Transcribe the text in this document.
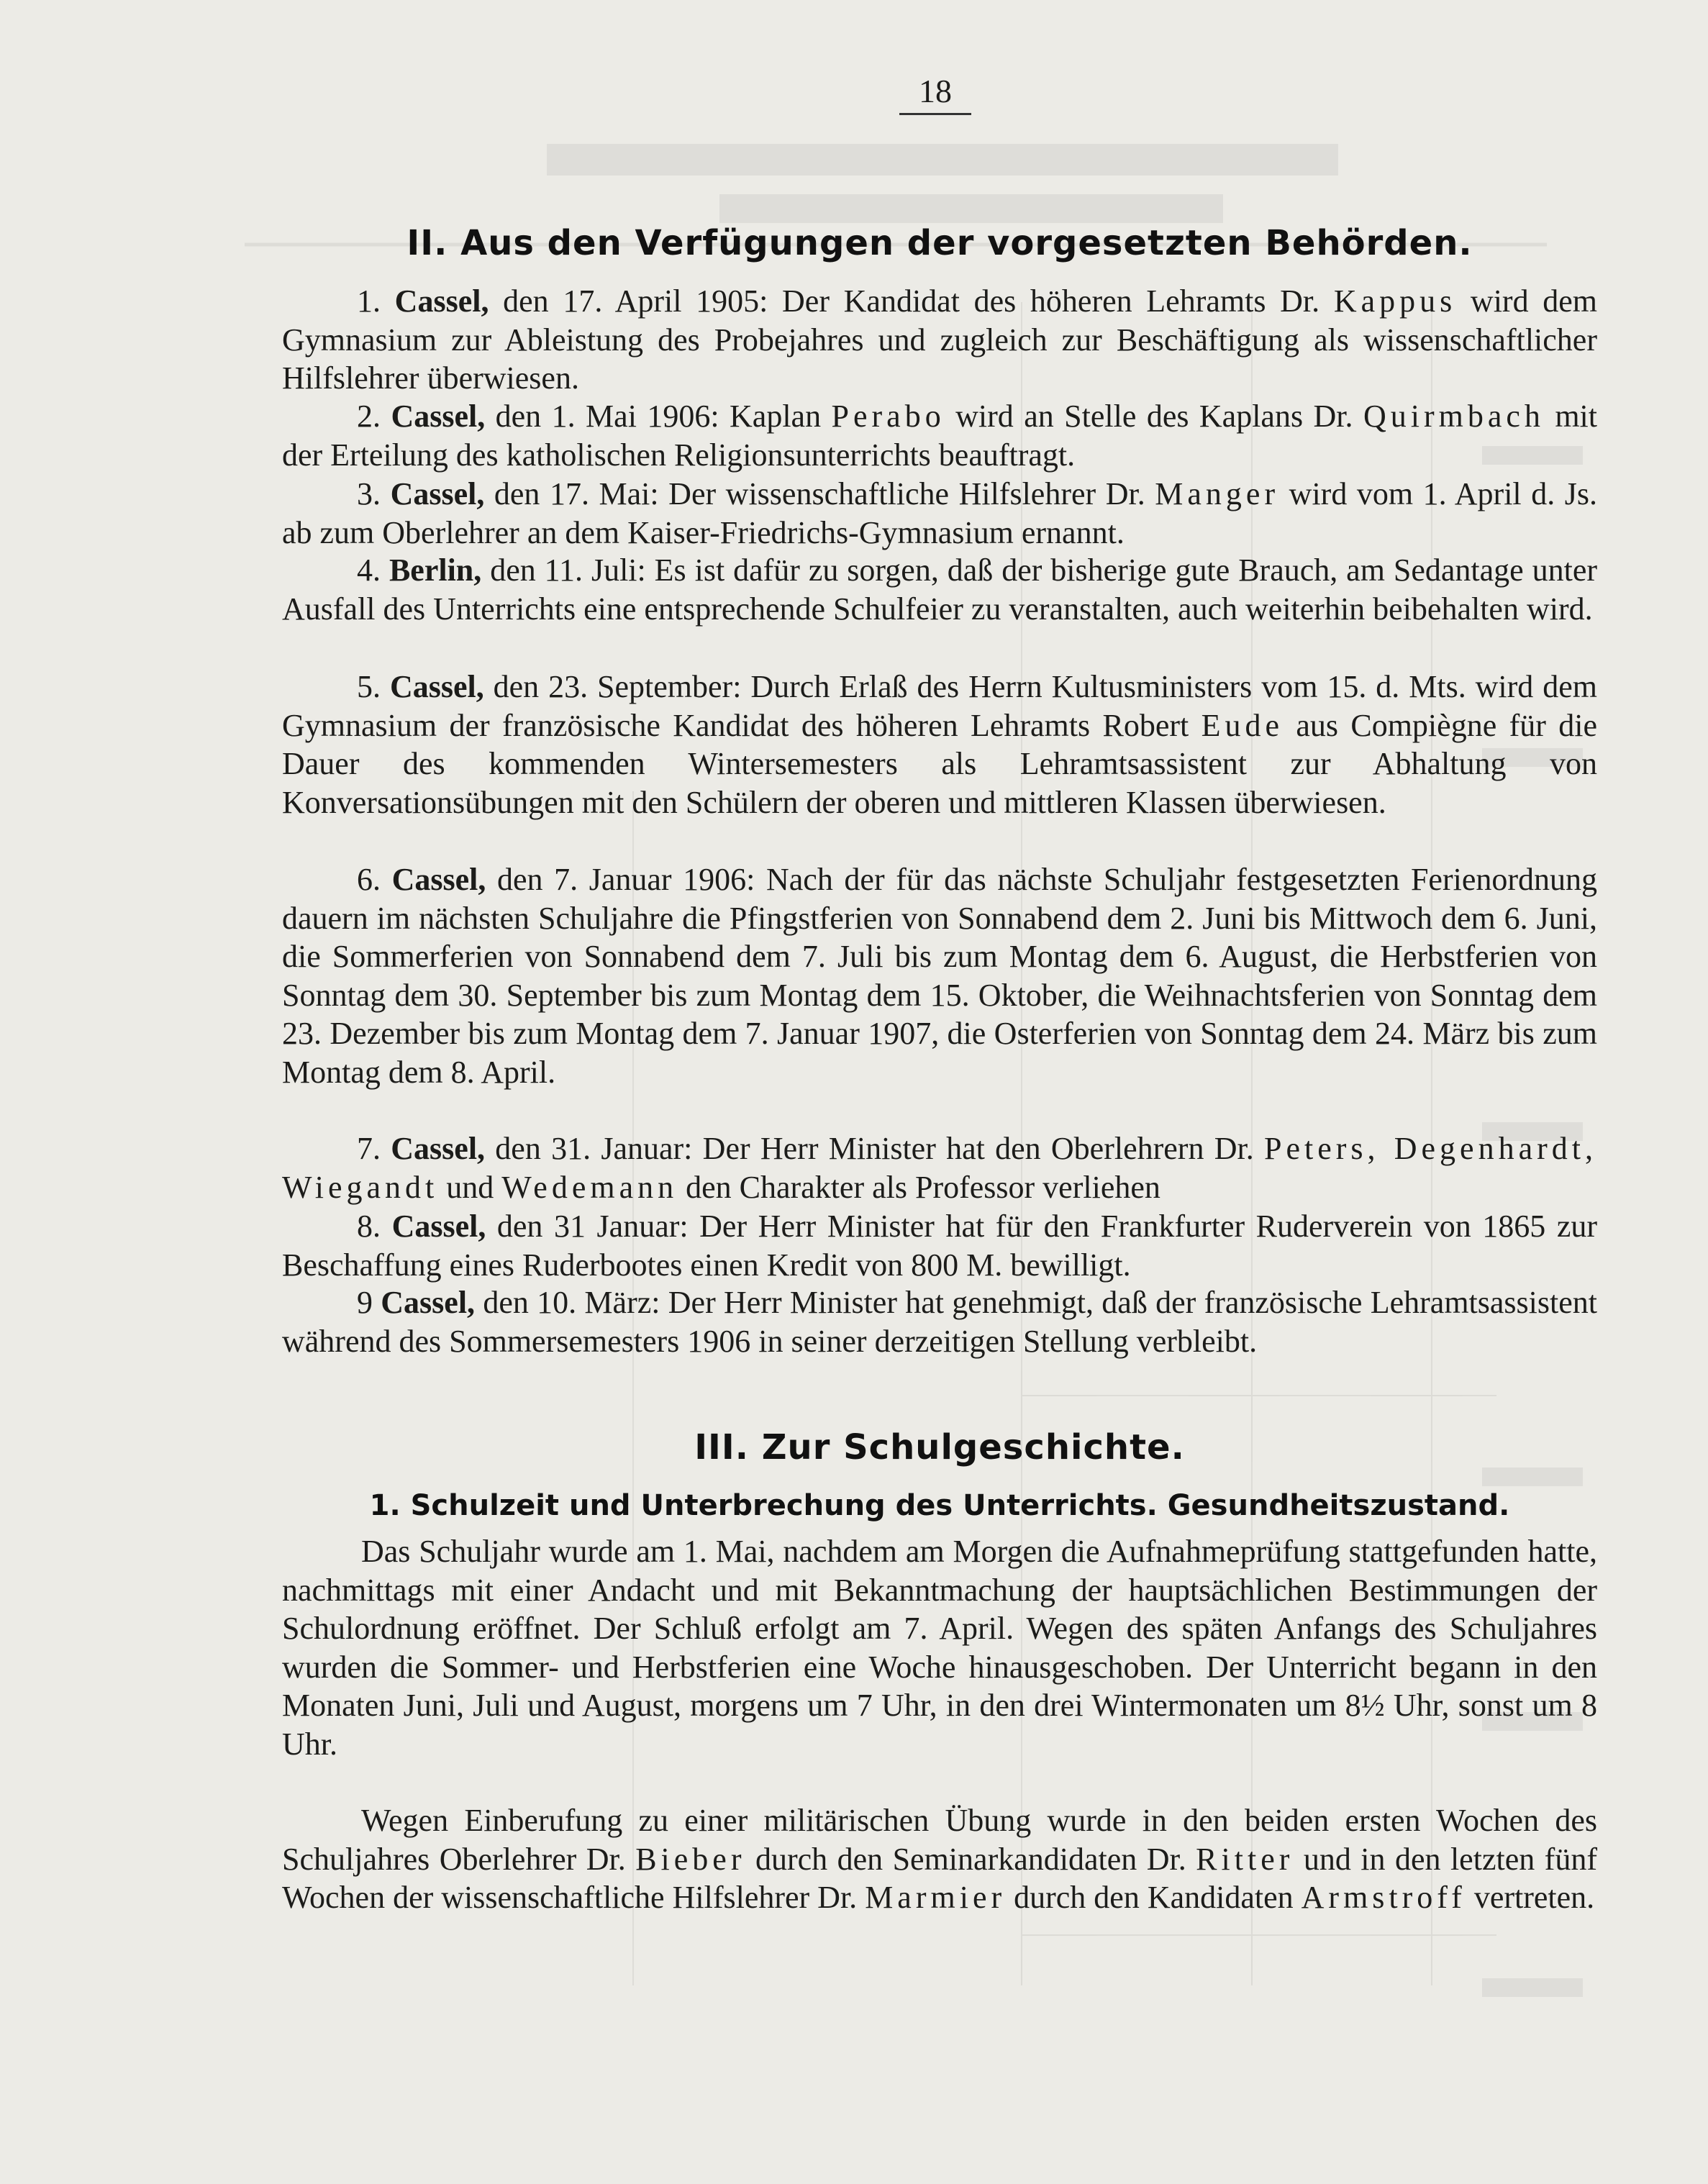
18
II. Aus den Verfügungen der vorgesetzten Behörden.

1. Cassel, den 17. April 1905: Der Kandidat des höheren Lehramts Dr. Kappus wird dem Gymnasium zur Ableistung des Probejahres und zugleich zur Beschäftigung als wissenschaftlicher Hilfslehrer überwiesen.

2. Cassel, den 1. Mai 1906: Kaplan Perabo wird an Stelle des Kaplans Dr. Quirmbach mit der Erteilung des katholischen Religionsunterrichts beauftragt.

3. Cassel, den 17. Mai: Der wissenschaftliche Hilfslehrer Dr. Manger wird vom 1. April d. Js. ab zum Oberlehrer an dem Kaiser-Friedrichs-Gymnasium ernannt.

4. Berlin, den 11. Juli: Es ist dafür zu sorgen, daß der bisherige gute Brauch, am Sedantage unter Ausfall des Unterrichts eine entsprechende Schulfeier zu veranstalten, auch weiterhin beibehalten wird.

5. Cassel, den 23. September: Durch Erlaß des Herrn Kultusministers vom 15. d. Mts. wird dem Gymnasium der französische Kandidat des höheren Lehramts Robert Eude aus Compiègne für die Dauer des kommenden Wintersemesters als Lehramtsassistent zur Abhaltung von Konversationsübungen mit den Schülern der oberen und mittleren Klassen überwiesen.

6. Cassel, den 7. Januar 1906: Nach der für das nächste Schuljahr festgesetzten Ferienordnung dauern im nächsten Schuljahre die Pfingstferien von Sonnabend dem 2. Juni bis Mittwoch dem 6. Juni, die Sommerferien von Sonnabend dem 7. Juli bis zum Montag dem 6. August, die Herbstferien von Sonntag dem 30. September bis zum Montag dem 15. Oktober, die Weihnachtsferien von Sonntag dem 23. Dezember bis zum Montag dem 7. Januar 1907, die Osterferien von Sonntag dem 24. März bis zum Montag dem 8. April.

7. Cassel, den 31. Januar: Der Herr Minister hat den Oberlehrern Dr. Peters, Degenhardt, Wiegandt und Wedemann den Charakter als Professor verliehen

8. Cassel, den 31 Januar: Der Herr Minister hat für den Frankfurter Ruderverein von 1865 zur Beschaffung eines Ruderbootes einen Kredit von 800 M. bewilligt.

9 Cassel, den 10. März: Der Herr Minister hat genehmigt, daß der französische Lehramtsassistent während des Sommersemesters 1906 in seiner derzeitigen Stellung verbleibt.

III. Zur Schulgeschichte.
1. Schulzeit und Unterbrechung des Unterrichts. Gesundheitszustand.

Das Schuljahr wurde am 1. Mai, nachdem am Morgen die Aufnahmeprüfung stattgefunden hatte, nachmittags mit einer Andacht und mit Bekanntmachung der hauptsächlichen Bestimmungen der Schulordnung eröffnet. Der Schluß erfolgt am 7. April. Wegen des späten Anfangs des Schuljahres wurden die Sommer- und Herbstferien eine Woche hinausgeschoben. Der Unterricht begann in den Monaten Juni, Juli und August, morgens um 7 Uhr, in den drei Wintermonaten um 8½ Uhr, sonst um 8 Uhr.

Wegen Einberufung zu einer militärischen Übung wurde in den beiden ersten Wochen des Schuljahres Oberlehrer Dr. Bieber durch den Seminarkandidaten Dr. Ritter und in den letzten fünf Wochen der wissenschaftliche Hilfslehrer Dr. Marmier durch den Kandidaten Armstroff vertreten.
